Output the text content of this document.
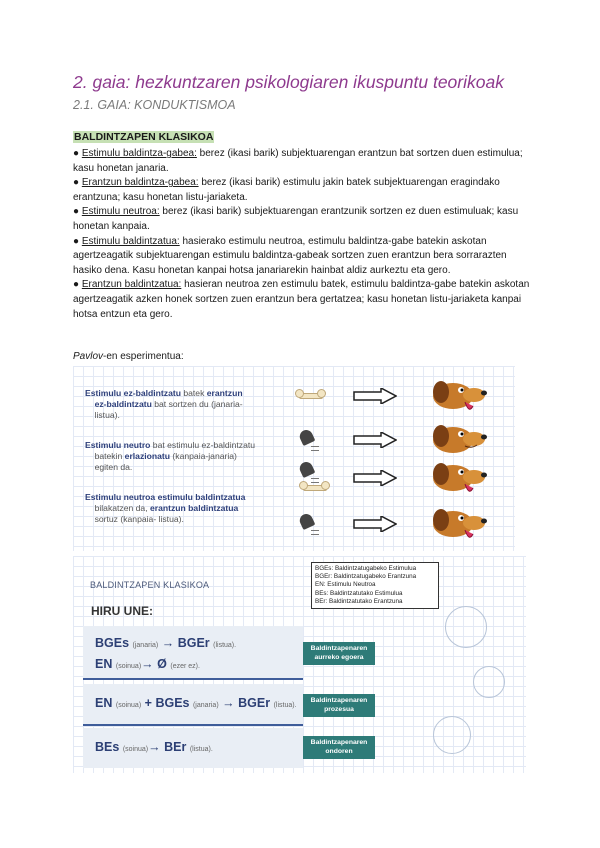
2. gaia: hezkuntzaren psikologiaren ikuspuntu teorikoak
2.1. GAIA: KONDUKTISMOA
BALDINTZAPEN KLASIKOA

● Estimulu baldintza-gabea: berez (ikasi barik) subjektuarengan erantzun bat sortzen duen estimulua; kasu honetan janaria.

● Erantzun baldintza-gabea: berez (ikasi barik) estimulu jakin batek subjektuarengan eragindako erantzuna; kasu honetan listu-jariaketa.

● Estimulu neutroa: berez (ikasi barik) subjektuarengan erantzunik sortzen ez duen estimuluak; kasu honetan kanpaia.

● Estimulu baldintzatua: hasierako estimulu neutroa, estimulu baldintza-gabe batekin askotan agertzeagatik subjektuarengan estimulu baldintza-gabeak sortzen zuen erantzun bera sorrarazten hasiko dena. Kasu honetan kanpai hotsa janariarekin hainbat aldiz aurkeztu eta gero.

● Erantzun baldintzatua: hasieran neutroa zen estimulu batek, estimulu baldintza-gabe batekin askotan agertzeagatik azken honek sortzen zuen erantzun bera gertatzea; kasu honetan listu-jariaketa kanpai hotsa entzun eta gero.

Pavlov-en esperimentua:
Estimulu ez-baldintzatu batek erantzun
ez-baldintzatu bat sortzen du (janaria-
listua).
Estimulu neutro bat estimulu ez-baldintzatu
batekin erlazionatu (kanpaia-janaria)
egiten da.
Estimulu neutroa estimulu baldintzatua
bilakatzen da, erantzun baldintzatua
sortuz (kanpaia- listua).
BALDINTZAPEN KLASIKOA
HIRU UNE:
BGEs: Baldintzatugabeko Estimulua
BGEr: Baldintzatugabeko Erantzuna
EN: Estimulu Neutroa
BEs: Baldintzatutako Estimulua
BEr: Baldintzatutako Erantzuna
BGEs (janaria) → BGEr (listua).
EN (soinua)→ Ø (ezer ez).
EN (soinua) + BGEs (janaria) → BGEr (listua).
BEs (soinua)→ BEr (listua).
Baldintzapenaren aurreko egoera
Baldintzapenaren prozesua
Baldintzapenaren ondoren
